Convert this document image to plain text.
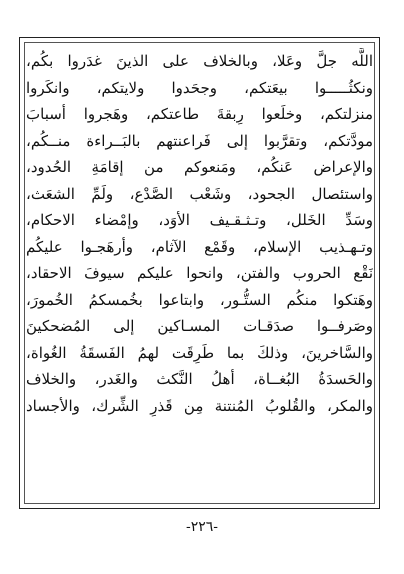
اللَّه جلَّ وعَلا، وبالخلاف على الذينَ غدَروا بكُم،
ونكثُـــــوا بيعَتكم، وجحَدوا ولايتكم، وانكَروا
منزلتكم، وخلَعوا رِبقةَ طاعتكم، وهَجروا أسبابَ
مودَّتكم، وتقرَّبوا إلى فَراعنتهم بالبَــراءة منــكُم،
والإعراض عَنكُم، ومَنعوكم من إقامَةِ الحُدود،
واستئصال الجحود، وشَعْب الصَّدْع، ولَمِّ الشعَث،
وسَدِّ الخَلل، وتـثـقـيف الأوَد، وإمْضاء الاحكام،
وتـهـذيب الإسلام، وقَمْع الآثام، وأرهَجـوا عليكُم
نَقْع الحروب والفتن، وانحوا عليكم سيوفَ الاحقاد،
وهَتكوا منكُم الستُّـور، وابتاعوا بخُمسكمُ الخُمورَ،
وصَرفــوا صدَقـات المسـاكين إلى المُضحكينَ
والسَّاخرينَ، وذلكَ بما طَرِقَت لهمُ الفَسقَةُ الغُواة،
والحَسدَةُ البُغــاة، أهلُ النَّكث والغَدر، والخلاف
والمكر، والقُلوبُ المُنتنة مِن قَذرِ الشِّرك، والأجساد
-٢٢٦-
